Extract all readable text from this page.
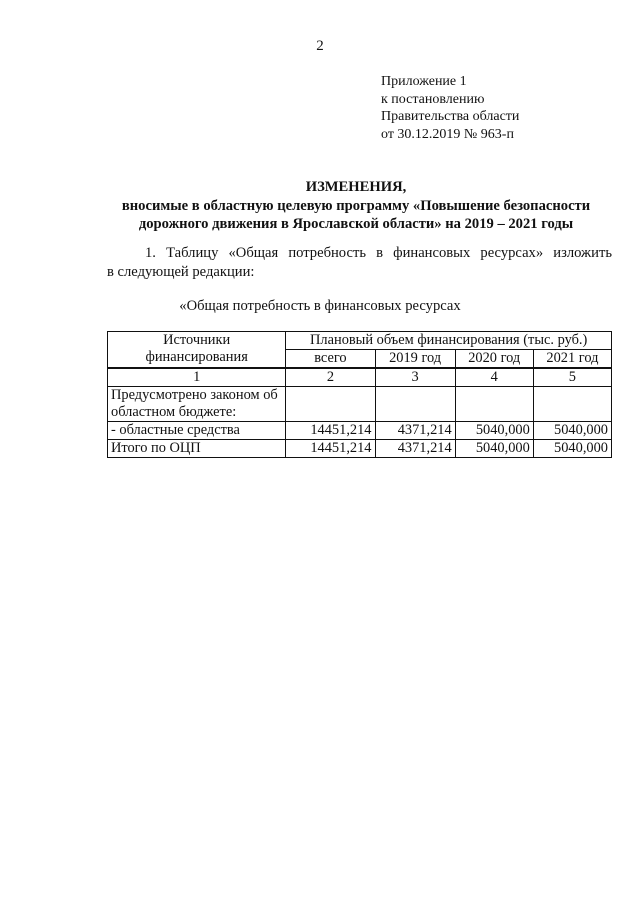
2
Приложение 1
к постановлению
Правительства области
от 30.12.2019 № 963-п
ИЗМЕНЕНИЯ,
вносимые в областную целевую программу «Повышение безопасности
дорожного движения в Ярославской области» на 2019 – 2021 годы
1. Таблицу «Общая потребность в финансовых ресурсах» изложить
в следующей редакции:
«Общая потребность в финансовых ресурсах
Источники финансирования	Плановый объем финансирования (тыс. руб.)			
	всего	2019 год	2020 год	2021 год

1	2	3	4	5
Предусмотрено законом об областном бюджете:				
- областные средства	14451,214	4371,214	5040,000	5040,000
Итого по ОЦП	14451,214	4371,214	5040,000	5040,000
